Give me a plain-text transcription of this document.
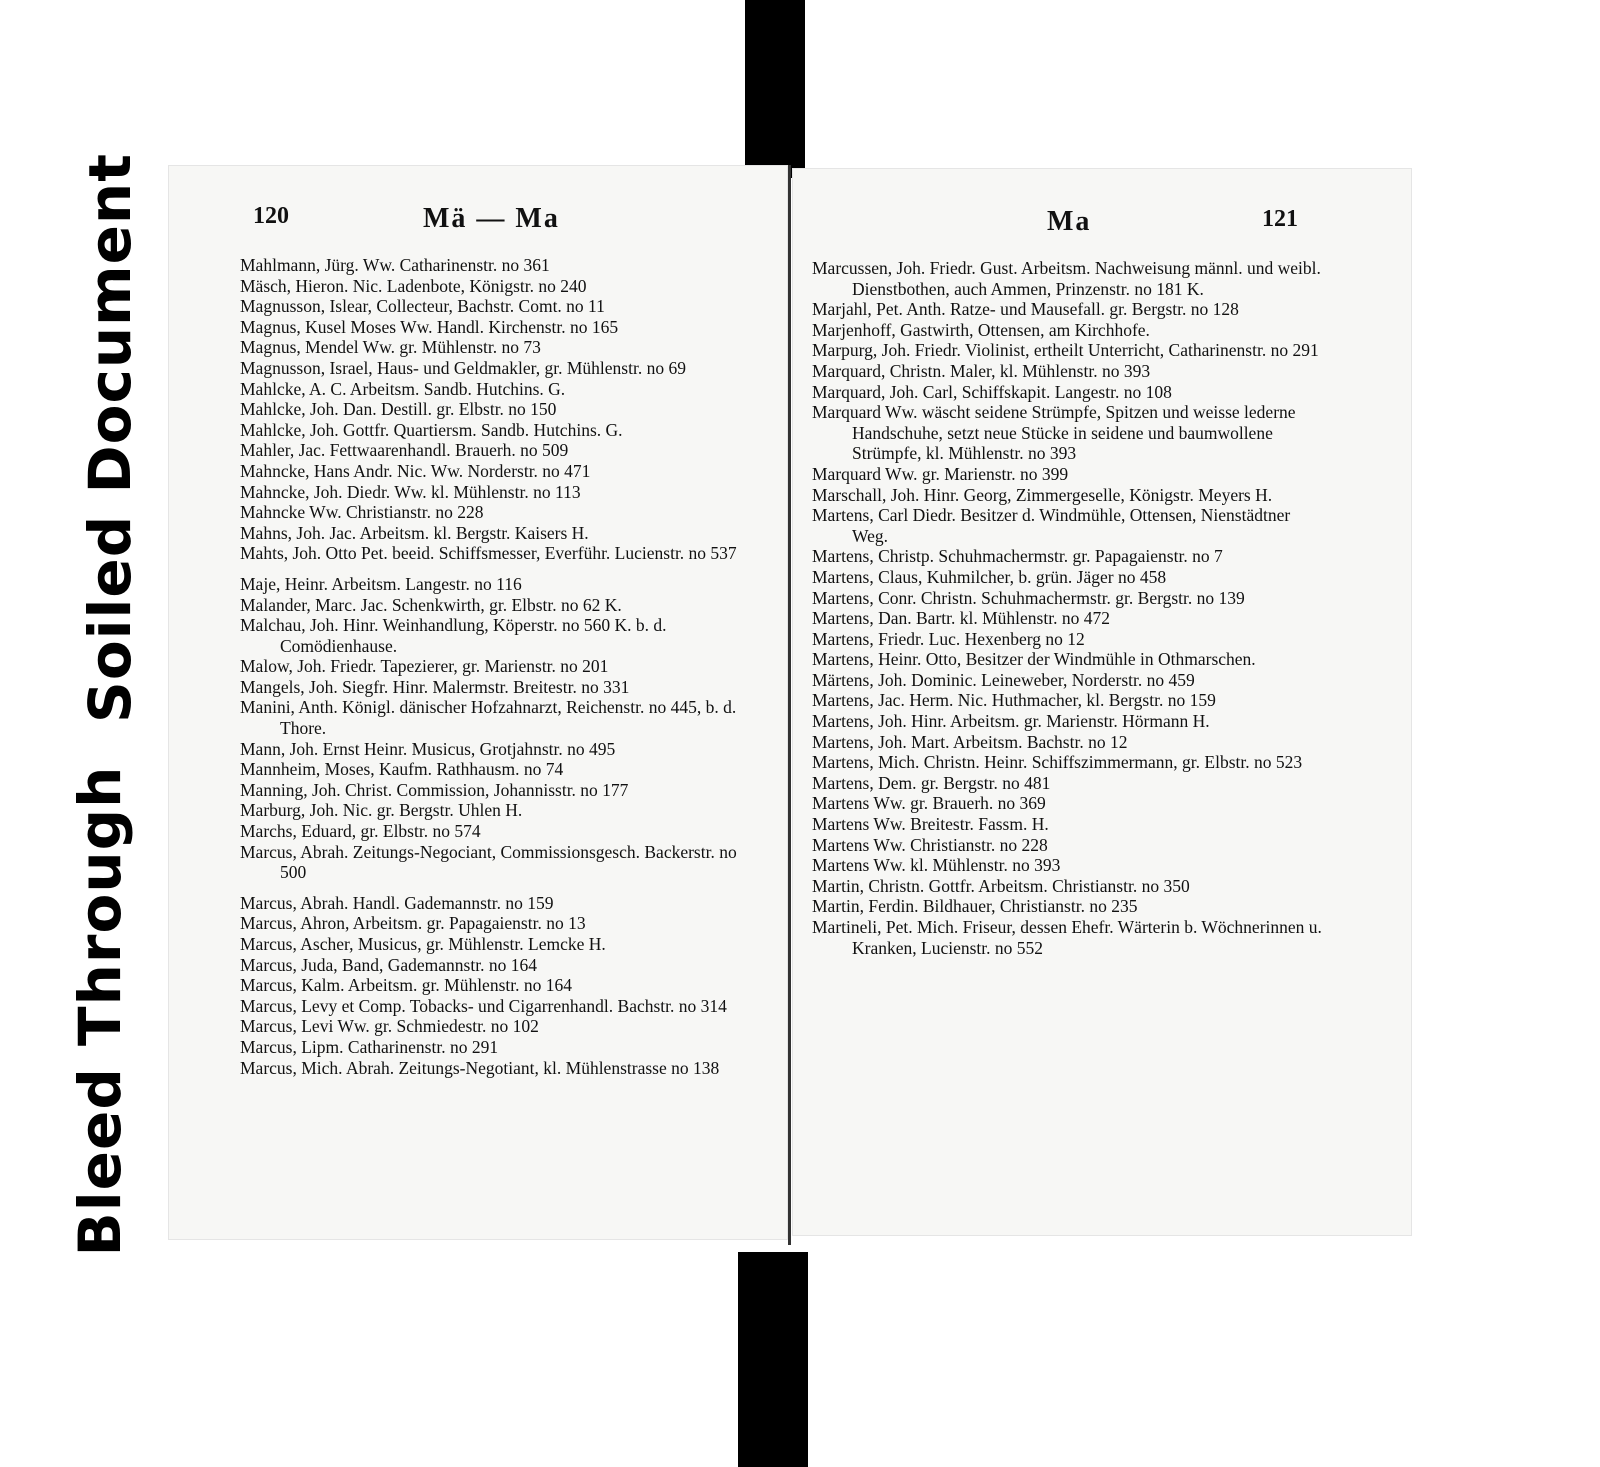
Soiled Document
Bleed Through
120	Mä — Ma

Mahlmann, Jürg. Ww. Catharinenstr. no 361

Mäsch, Hieron. Nic. Ladenbote, Königstr. no 240

Magnusson, Islear, Collecteur, Bachstr. Comt. no 11

Magnus, Kusel Moses Ww. Handl. Kirchenstr. no 165

Magnus, Mendel Ww. gr. Mühlenstr. no 73

Magnusson, Israel, Haus- und Geldmakler, gr. Mühlenstr. no 69

Mahlcke, A. C. Arbeitsm. Sandb. Hutchins. G.

Mahlcke, Joh. Dan. Destill. gr. Elbstr. no 150

Mahlcke, Joh. Gottfr. Quartiersm. Sandb. Hutchins. G.

Mahler, Jac. Fettwaarenhandl. Brauerh. no 509

Mahncke, Hans Andr. Nic. Ww. Norderstr. no 471

Mahncke, Joh. Diedr. Ww. kl. Mühlenstr. no 113

Mahncke Ww. Christianstr. no 228

Mahns, Joh. Jac. Arbeitsm. kl. Bergstr. Kaisers H.

Mahts, Joh. Otto Pet. beeid. Schiffsmesser, Everführ. Lucienstr. no 537

Maje, Heinr. Arbeitsm. Langestr. no 116

Malander, Marc. Jac. Schenkwirth, gr. Elbstr. no 62 K.

Malchau, Joh. Hinr. Weinhandlung, Köperstr. no 560 K. b. d. Comödienhause.

Malow, Joh. Friedr. Tapezierer, gr. Marienstr. no 201

Mangels, Joh. Siegfr. Hinr. Malermstr. Breitestr. no 331

Manini, Anth. Königl. dänischer Hofzahnarzt, Reichenstr. no 445, b. d. Thore.

Mann, Joh. Ernst Heinr. Musicus, Grotjahnstr. no 495

Mannheim, Moses, Kaufm. Rathhausm. no 74

Manning, Joh. Christ. Commission, Johannisstr. no 177

Marburg, Joh. Nic. gr. Bergstr. Uhlen H.

Marchs, Eduard, gr. Elbstr. no 574

Marcus, Abrah. Zeitungs-Negociant, Commissionsgesch. Backerstr. no 500

Marcus, Abrah. Handl. Gademannstr. no 159

Marcus, Ahron, Arbeitsm. gr. Papagaienstr. no 13

Marcus, Ascher, Musicus, gr. Mühlenstr. Lemcke H.

Marcus, Juda, Band, Gademannstr. no 164

Marcus, Kalm. Arbeitsm. gr. Mühlenstr. no 164

Marcus, Levy et Comp. Tobacks- und Cigarrenhandl. Bachstr. no 314

Marcus, Levi Ww. gr. Schmiedestr. no 102

Marcus, Lipm. Catharinenstr. no 291

Marcus, Mich. Abrah. Zeitungs-Negotiant, kl. Mühlenstrasse no 138

Ma	121

Marcussen, Joh. Friedr. Gust. Arbeitsm. Nachweisung männl. und weibl. Dienstbothen, auch Ammen, Prinzenstr. no 181 K.

Marjahl, Pet. Anth. Ratze- und Mausefall. gr. Bergstr. no 128

Marjenhoff, Gastwirth, Ottensen, am Kirchhofe.

Marpurg, Joh. Friedr. Violinist, ertheilt Unterricht, Catharinenstr. no 291

Marquard, Christn. Maler, kl. Mühlenstr. no 393

Marquard, Joh. Carl, Schiffskapit. Langestr. no 108

Marquard Ww. wäscht seidene Strümpfe, Spitzen und weisse lederne Handschuhe, setzt neue Stücke in seidene und baumwollene Strümpfe, kl. Mühlenstr. no 393

Marquard Ww. gr. Marienstr. no 399

Marschall, Joh. Hinr. Georg, Zimmergeselle, Königstr. Meyers H.

Martens, Carl Diedr. Besitzer d. Windmühle, Ottensen, Nienstädtner Weg.

Martens, Christp. Schuhmachermstr. gr. Papagaienstr. no 7

Martens, Claus, Kuhmilcher, b. grün. Jäger no 458

Martens, Conr. Christn. Schuhmachermstr. gr. Bergstr. no 139

Martens, Dan. Bartr. kl. Mühlenstr. no 472

Martens, Friedr. Luc. Hexenberg no 12

Martens, Heinr. Otto, Besitzer der Windmühle in Othmarschen.

Märtens, Joh. Dominic. Leineweber, Norderstr. no 459

Martens, Jac. Herm. Nic. Huthmacher, kl. Bergstr. no 159

Martens, Joh. Hinr. Arbeitsm. gr. Marienstr. Hörmann H.

Martens, Joh. Mart. Arbeitsm. Bachstr. no 12

Martens, Mich. Christn. Heinr. Schiffszimmermann, gr. Elbstr. no 523

Martens, Dem. gr. Bergstr. no 481

Martens Ww. gr. Brauerh. no 369

Martens Ww. Breitestr. Fassm. H.

Martens Ww. Christianstr. no 228

Martens Ww. kl. Mühlenstr. no 393

Martin, Christn. Gottfr. Arbeitsm. Christianstr. no 350

Martin, Ferdin. Bildhauer, Christianstr. no 235

Martineli, Pet. Mich. Friseur, dessen Ehefr. Wärterin b. Wöchnerinnen u. Kranken, Lucienstr. no 552
